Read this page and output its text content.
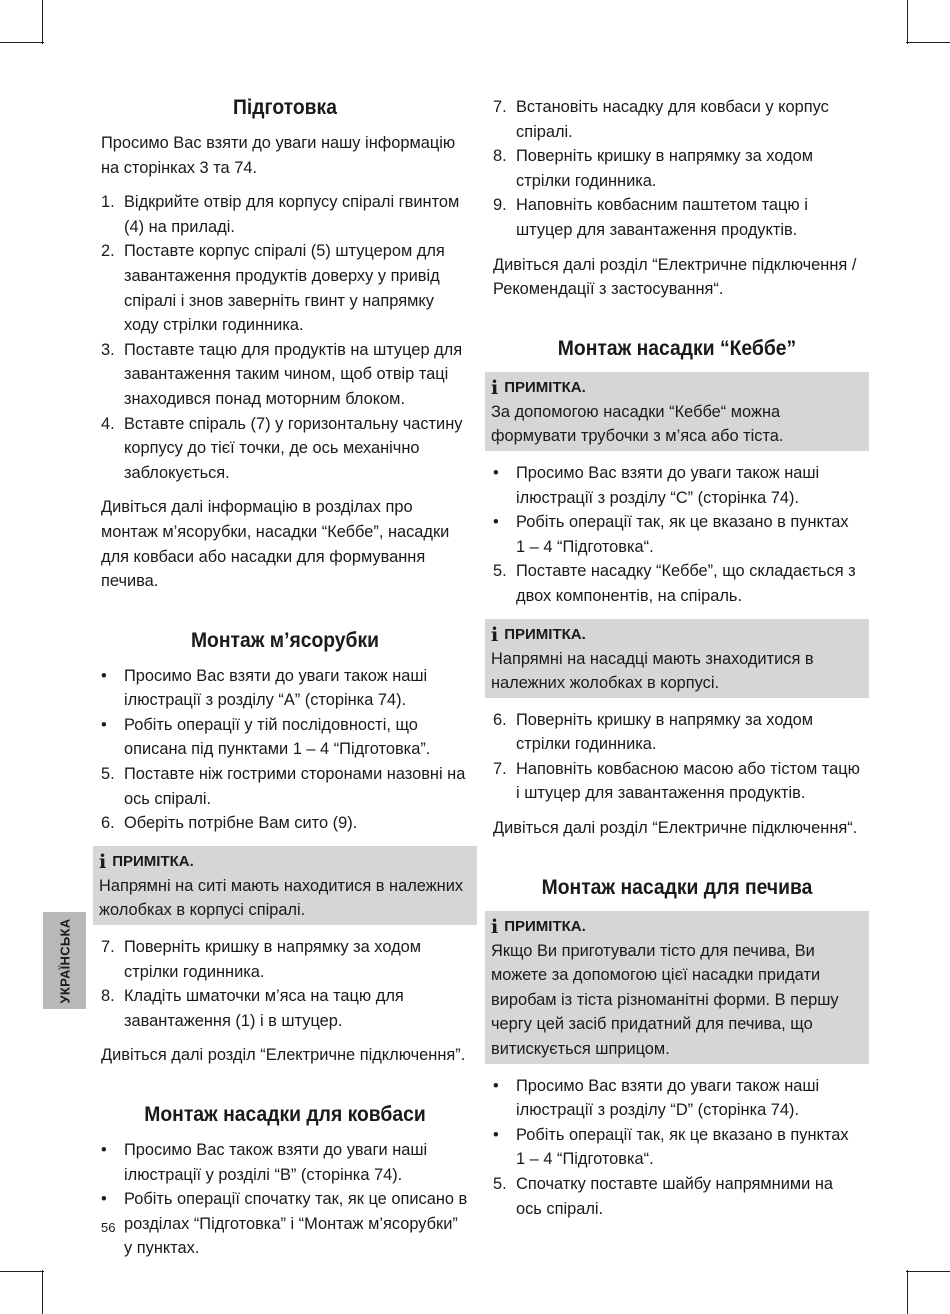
УКРАЇНСЬКА
Підготовка

Просимо Вас взяти до уваги нашу інформацію на сторінках 3 та 74.

1. Відкрийте отвір для корпусу спіралі гвинтом (4) на приладі.
2. Поставте корпус спіралі (5) штуцером для завантаження продуктів доверху у привід спіралі і знов заверніть гвинт у напрямку ходу стрілки годинника.
3. Поставте тацю для продуктів на штуцер для завантаження таким чином, щоб отвір таці знаходився понад моторним блоком.
4. Вставте спіраль (7) у горизонтальну частину корпусу до тієї точки, де ось механічно заблокується.

Дивіться далі інформацію в розділах про монтаж м’ясорубки, насадки “Кеббе”, насадки для ковбаси або насадки для формування печива.

Монтаж м’ясорубки
• Просимо Вас взяти до уваги також наші ілюстрації з розділу “A” (сторінка 74).
• Робіть операції у тій послідовності, що описана під пунктами 1 – 4 “Підготовка”.
5. Поставте ніж гострими сторонами назовні на ось спіралі.
6. Оберіть потрібне Вам сито (9).
i ПРИМІТКА.

Напрямні на ситі мають находитися в належних жолобках в корпусі спіралі.

7. Поверніть кришку в напрямку за ходом стрілки годинника.
8. Кладіть шматочки м’яса на тацю для завантаження (1) і в штуцер.

Дивіться далі розділ “Електричне підключення”.

Монтаж насадки для ковбаси
• Просимо Вас також взяти до уваги наші ілюстрації у розділі “B” (сторінка 74).
• Робіть операції спочатку так, як це описано в розділах “Підготовка” і “Монтаж м’ясорубки” у пунктах.
7. Встановіть насадку для ковбаси у корпус спіралі.
8. Поверніть кришку в напрямку за ходом стрілки годинника.
9. Наповніть ковбасним паштетом тацю і штуцер для завантаження продуктів.

Дивіться далі розділ “Електричне підключення / Рекомендації з застосування“.

Монтаж насадки “Кеббе”
i ПРИМІТКА.

За допомогою насадки “Кеббе“ можна формувати трубочки з м’яса або тіста.

• Просимо Вас взяти до уваги також наші ілюстрації з розділу “C” (сторінка 74).
• Робіть операції так, як це вказано в пунктах 1 – 4 “Підготовка“.
5. Поставте насадку “Кеббе”, що складається з двох компонентів, на спіраль.
i ПРИМІТКА.

Напрямні на насадці мають знаходитися в належних жолобках в корпусі.

6. Поверніть кришку в напрямку за ходом стрілки годинника.
7. Наповніть ковбасною масою або тістом тацю і штуцер для завантаження продуктів.

Дивіться далі розділ “Електричне підключення“.

Монтаж насадки для печива
i ПРИМІТКА.

Якщо Ви приготували тісто для печива, Ви можете за допомогою цієї насадки придати виробам із тіста різноманітні форми. В першу чергу цей засіб придатний для печива, що витискується шприцом.

• Просимо Вас взяти до уваги також наші ілюстрації з розділу “D” (сторінка 74).
• Робіть операції так, як це вказано в пунктах 1 – 4 “Підготовка“.
5. Спочатку поставте шайбу напрямними на ось спіралі.
56
